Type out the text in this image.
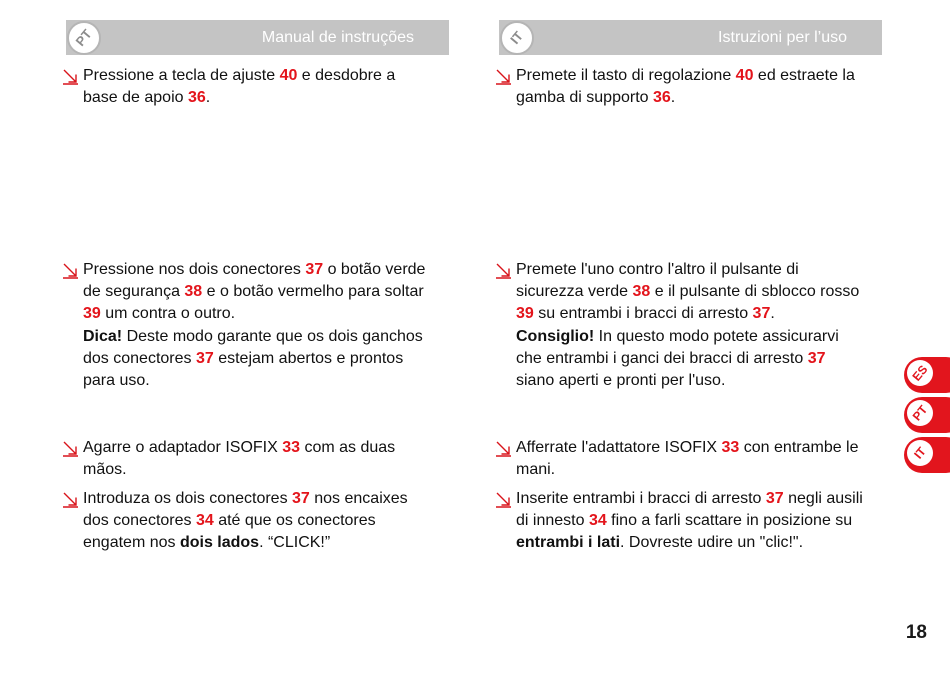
PT	Manual de instruções	IT	Istruzioni per l’uso

Pressione a tecla de ajuste 40 e desdobre a
base de apoio 36.

Pressione nos dois conectores 37 o botão verde
de segurança 38 e o botão vermelho para soltar
39 um contra o outro.
Dica! Deste modo garante que os dois ganchos
dos conectores 37 estejam abertos e prontos
para uso.

Agarre o adaptador ISOFIX 33 com as duas
mãos.

Introduza os dois conectores 37 nos encaixes
dos conectores 34 até que os conectores
engatem nos dois lados. “CLICK!”

Premete il tasto di regolazione 40 ed estraete la
gamba di supporto 36.

Premete l'uno contro l'altro il pulsante di
sicurezza verde 38 e il pulsante di sblocco rosso
39 su entrambi i bracci di arresto 37.
Consiglio! In questo modo potete assicurarvi
che entrambi i ganci dei bracci di arresto 37
siano aperti e pronti per l'uso.

Afferrate l'adattatore ISOFIX 33 con entrambe le
mani.

Inserite entrambi i bracci di arresto 37 negli ausili
di innesto 34 fino a farli scattare in posizione su
entrambi i lati. Dovreste udire un "clic!".

ES
PT
IT
18
